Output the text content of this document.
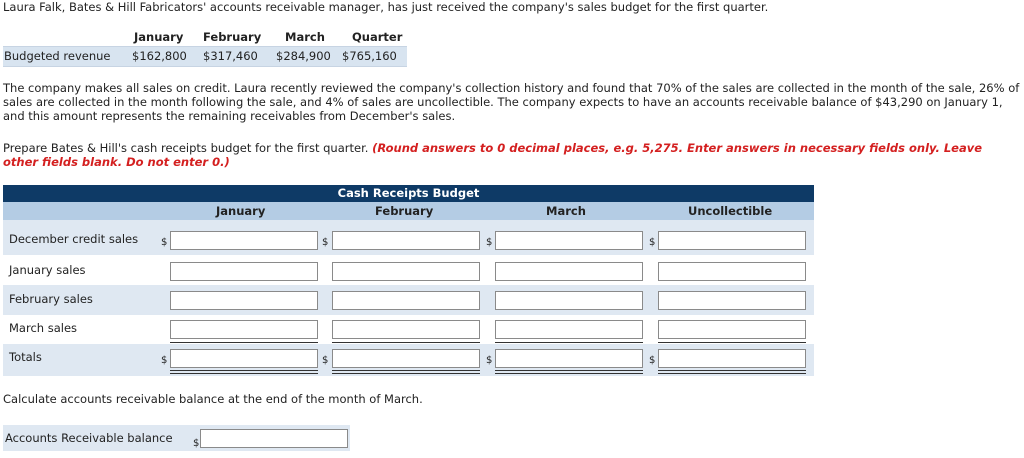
Laura Falk, Bates & Hill Fabricators' accounts receivable manager, has just received the company's sales budget for the first quarter.
January February March Quarter
Budgeted revenue $162,800 $317,460 $284,900 $765,160
The company makes all sales on credit. Laura recently reviewed the company's collection history and found that 70% of the sales are collected in the month of the sale, 26% of sales are collected in the month following the sale, and 4% of sales are uncollectible. The company expects to have an accounts receivable balance of $43,290 on January 1, and this amount represents the remaining receivables from December's sales.
Prepare Bates & Hill's cash receipts budget for the first quarter. (Round answers to 0 decimal places, e.g. 5,275. Enter answers in necessary fields only. Leave other fields blank. Do not enter 0.)
Cash Receipts Budget
January	February	March	Uncollectible
December credit sales $	$	$	$
January sales
February sales
March sales
Totals	$	$	$	$
Calculate accounts receivable balance at the end of the month of March.
Accounts Receivable balance $
